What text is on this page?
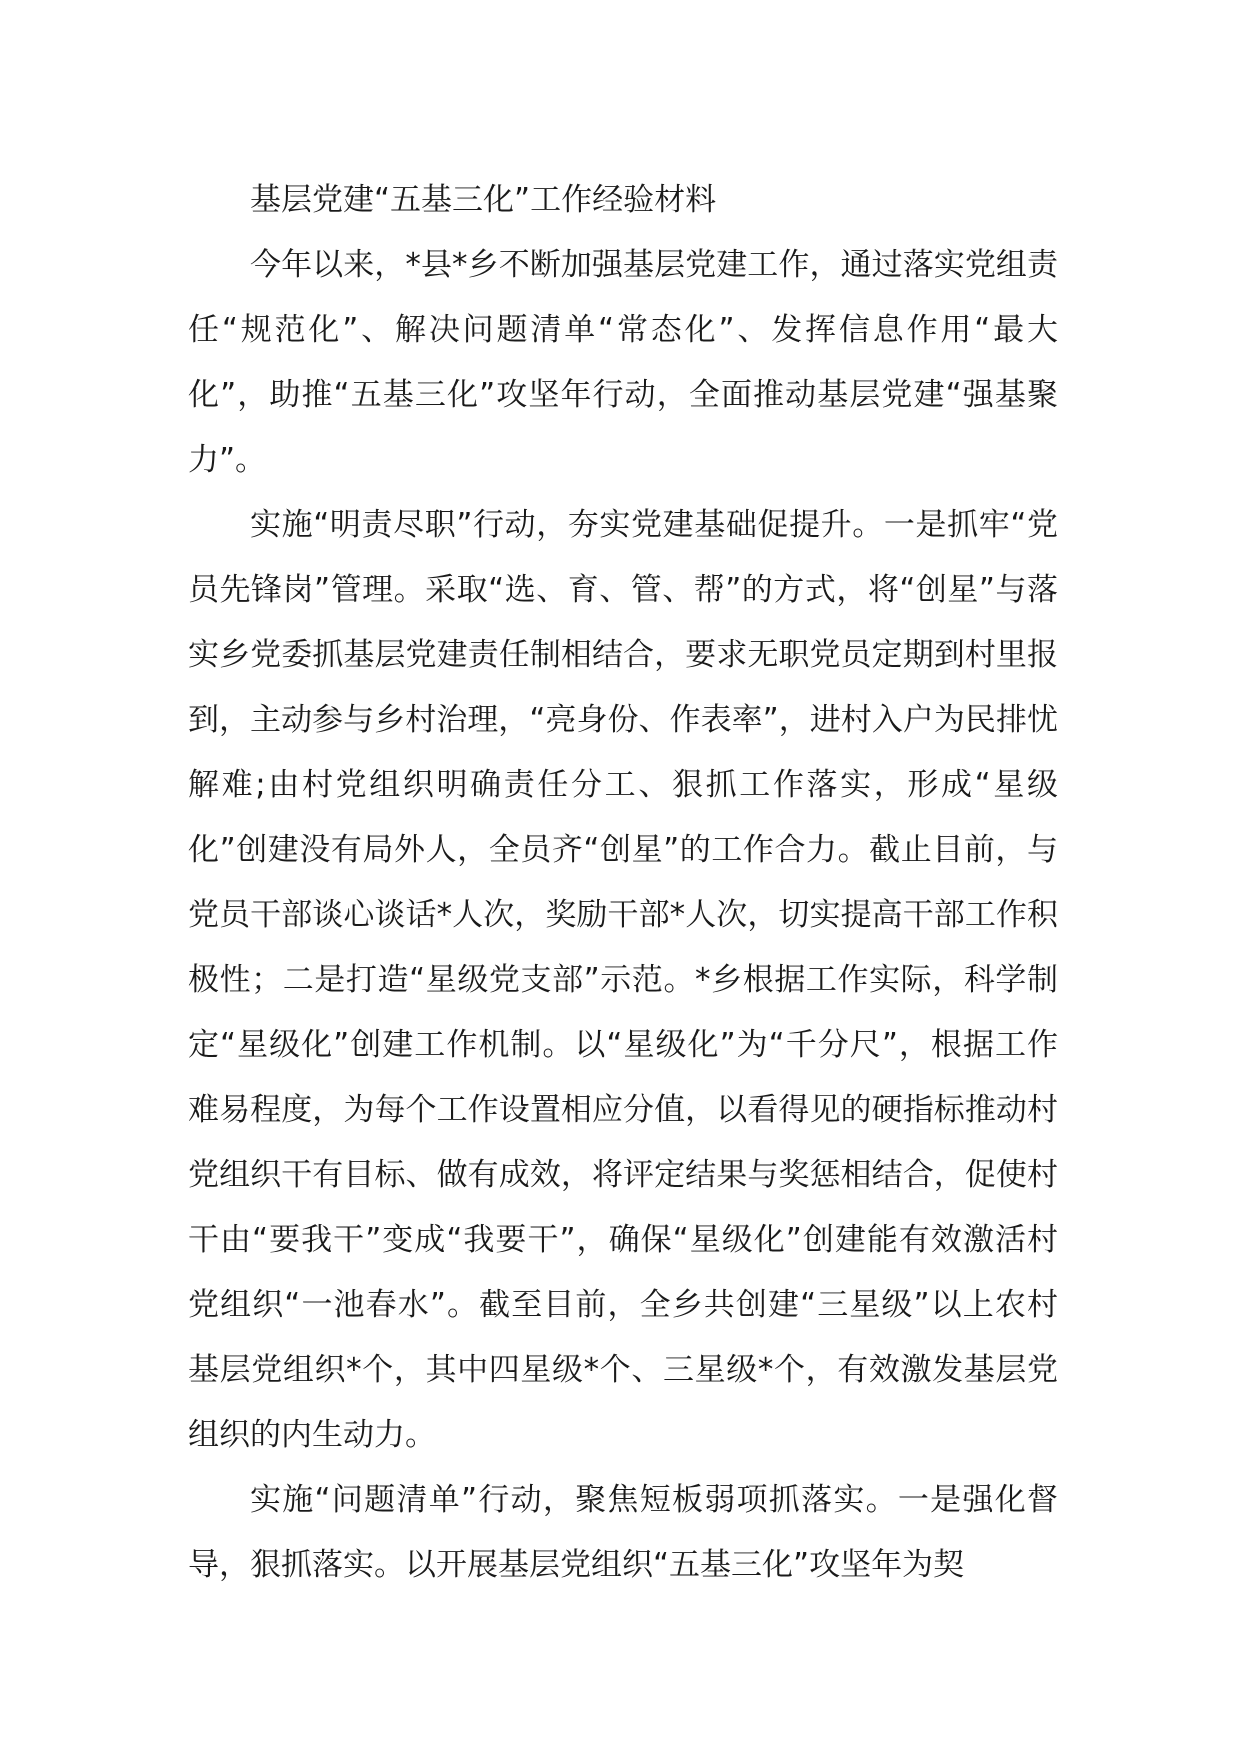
基层党建“五基三化”工作经验材料

今年以来，*县*乡不断加强基层党建工作，通过落实党组责任“规范化”、解决问题清单“常态化”、发挥信息作用“最大化”，助推“五基三化”攻坚年行动，全面推动基层党建“强基聚力”。

实施“明责尽职”行动，夯实党建基础促提升。一是抓牢“党员先锋岗”管理。采取“选、育、管、帮”的方式，将“创星”与落实乡党委抓基层党建责任制相结合，要求无职党员定期到村里报到，主动参与乡村治理，“亮身份、作表率”，进村入户为民排忧解难;由村党组织明确责任分工、狠抓工作落实，形成“星级化”创建没有局外人，全员齐“创星”的工作合力。截止目前，与党员干部谈心谈话*人次，奖励干部*人次，切实提高干部工作积极性；二是打造“星级党支部”示范。*乡根据工作实际，科学制定“星级化”创建工作机制。以“星级化”为“千分尺”，根据工作难易程度，为每个工作设置相应分值，以看得见的硬指标推动村党组织干有目标、做有成效，将评定结果与奖惩相结合，促使村干由“要我干”变成“我要干”，确保“星级化”创建能有效激活村党组织“一池春水”。截至目前，全乡共创建“三星级”以上农村基层党组织*个，其中四星级*个、三星级*个，有效激发基层党组织的内生动力。

实施“问题清单”行动，聚焦短板弱项抓落实。一是强化督导，狠抓落实。以开展基层党组织“五基三化”攻坚年为契
